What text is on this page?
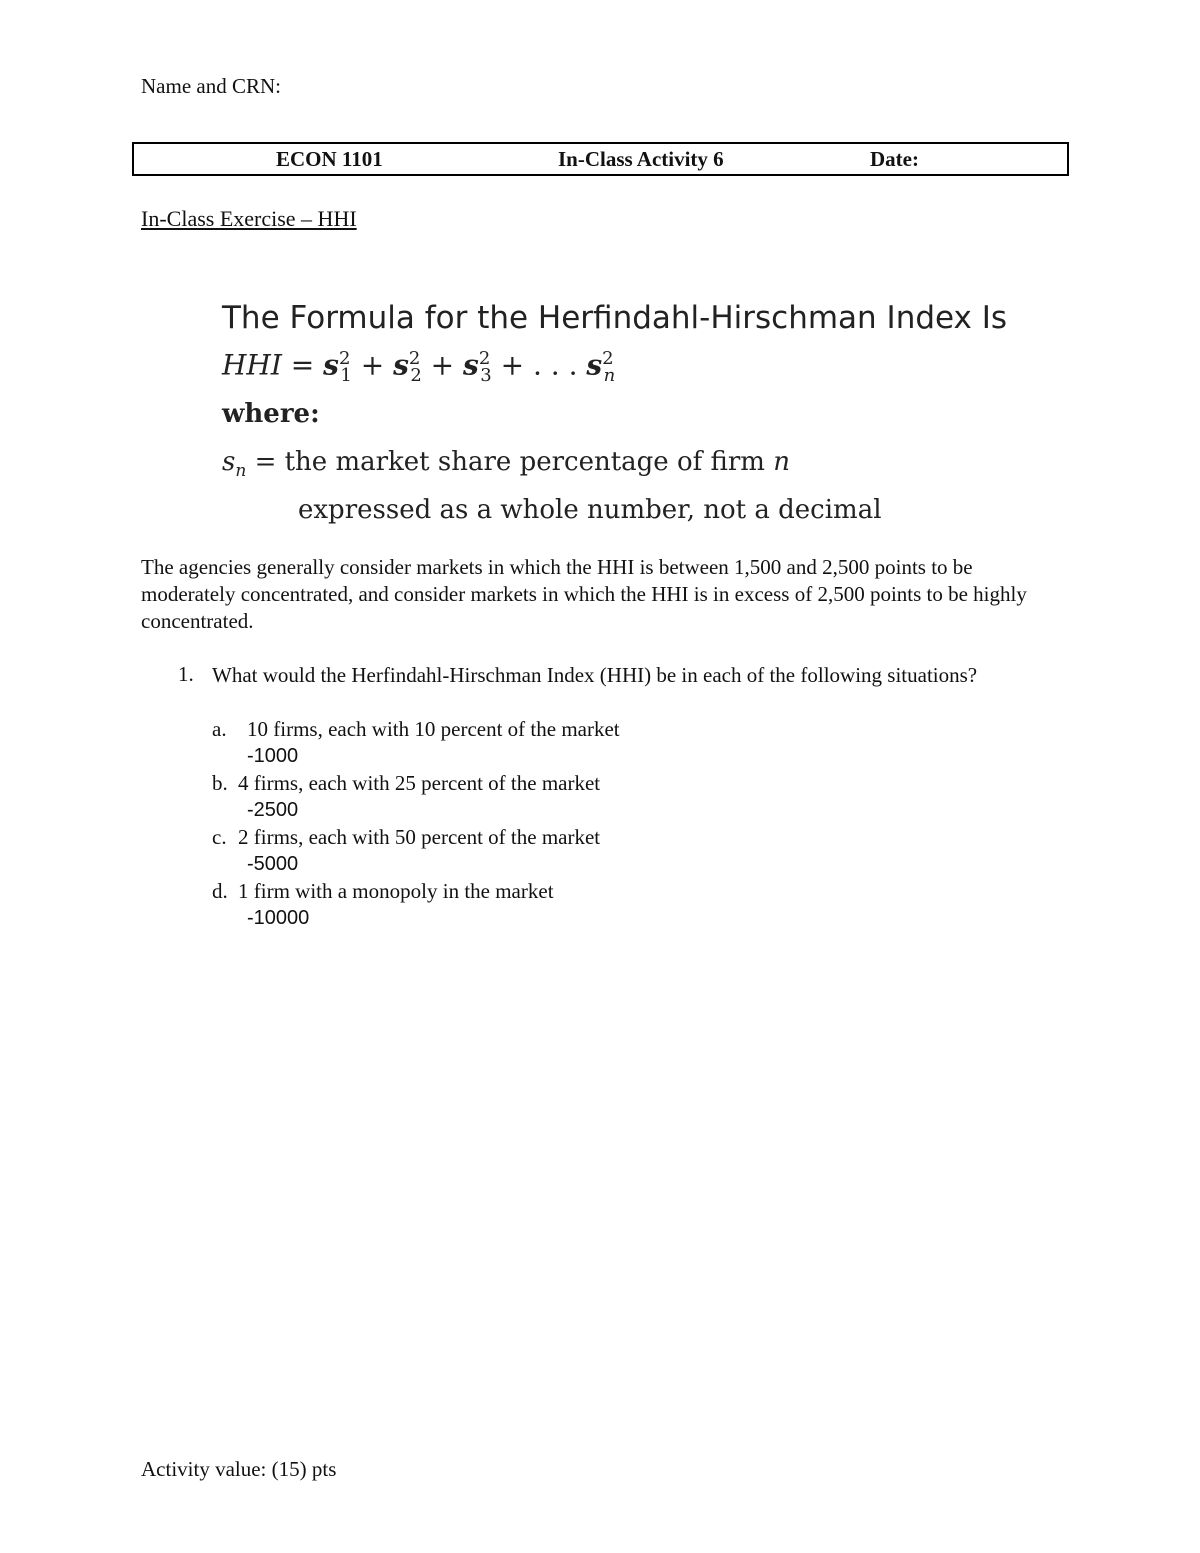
Name and CRN:
ECON 1101	In-Class Activity 6	Date:
In-Class Exercise – HHI
The Formula for the Herfindahl-Hirschman Index Is
HHI = $s^2_1 + s^2_2 + s^2_3$ + . . . $s^2_n$
where:
$s_n$ = the market share percentage of firm n
expressed as a whole number, not a decimal
The agencies generally consider markets in which the HHI is between 1,500 and 2,500 points to be moderately concentrated, and consider markets in which the HHI is in excess of 2,500 points to be highly concentrated.
1. What would the Herfindahl-Hirschman Index (HHI) be in each of the following situations?
a. 10 firms, each with 10 percent of the market
-1000
b. 4 firms, each with 25 percent of the market
-2500
c. 2 firms, each with 50 percent of the market
-5000
d. 1 firm with a monopoly in the market
-10000
Activity value: (15) pts
